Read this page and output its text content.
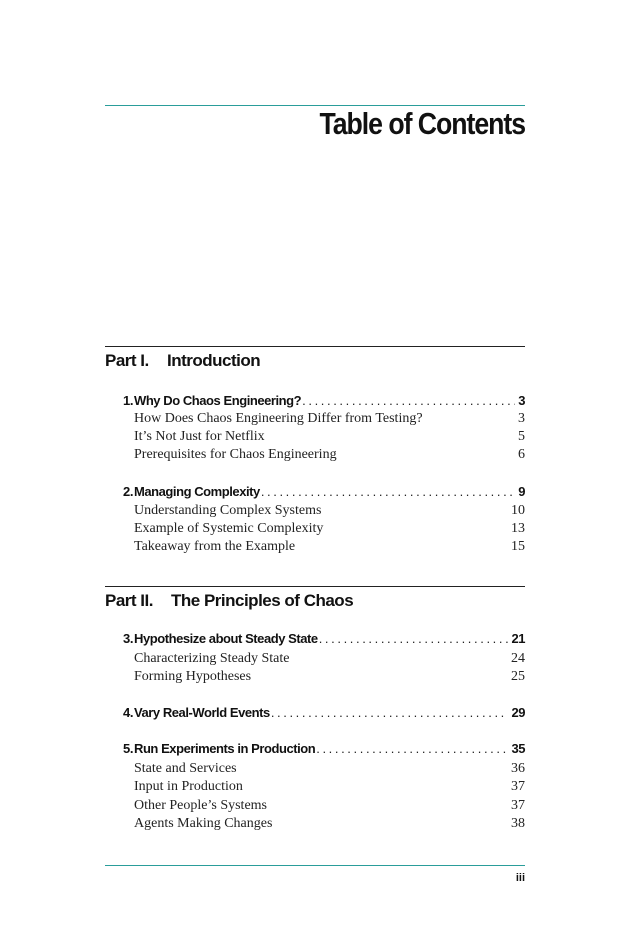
Table of Contents
Part I. Introduction
1. Why Do Chaos Engineering? .....	3
How Does Chaos Engineering Differ from Testing?	3
It’s Not Just for Netflix	5
Prerequisites for Chaos Engineering	6
2. Managing Complexity .....	9
Understanding Complex Systems	10
Example of Systemic Complexity	13
Takeaway from the Example	15
Part II. The Principles of Chaos
3. Hypothesize about Steady State .....	21
Characterizing Steady State	24
Forming Hypotheses	25
4. Vary Real-World Events .....	29
5. Run Experiments in Production .....	35
State and Services	36
Input in Production	37
Other People’s Systems	37
Agents Making Changes	38
iii
